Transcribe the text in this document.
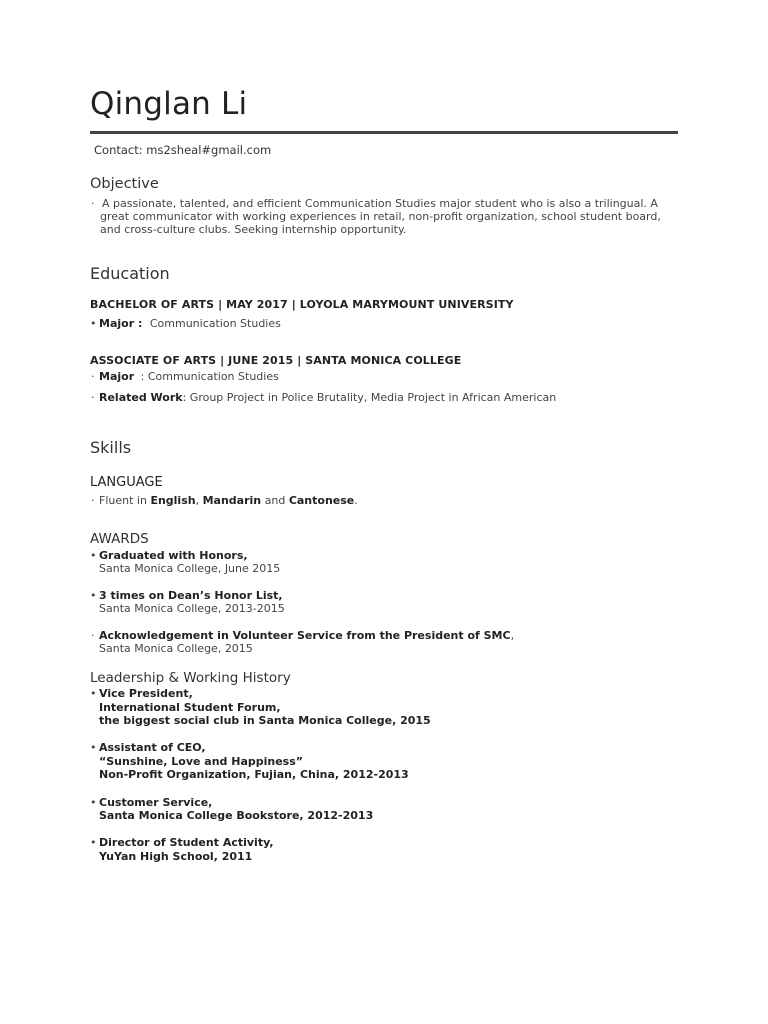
Qinglan Li
Contact: ms2sheal#gmail.com
Objective
· A passionate, talented, and efficient Communication Studies major student who is also a trilingual. A
great communicator with working experiences in retail, non-profit organization, school student board,
and cross-culture clubs. Seeking internship opportunity.
Education
BACHELOR OF ARTS | MAY 2017 | LOYOLA MARYMOUNT UNIVERSITY
• Major : Communication Studies
ASSOCIATE OF ARTS | JUNE 2015 | SANTA MONICA COLLEGE
· Major : Communication Studies
· Related Work: Group Project in Police Brutality, Media Project in African American
Skills
LANGUAGE
· Fluent in English, Mandarin and Cantonese.
AWARDS
• Graduated with Honors,
Santa Monica College, June 2015
• 3 times on Dean’s Honor List,
Santa Monica College, 2013-2015
· Acknowledgement in Volunteer Service from the President of SMC,
Santa Monica College, 2015
Leadership & Working History
• Vice President,
International Student Forum,
the biggest social club in Santa Monica College, 2015
• Assistant of CEO,
“Sunshine, Love and Happiness”
Non-Profit Organization, Fujian, China, 2012-2013
• Customer Service,
Santa Monica College Bookstore, 2012-2013
• Director of Student Activity,
YuYan High School, 2011
